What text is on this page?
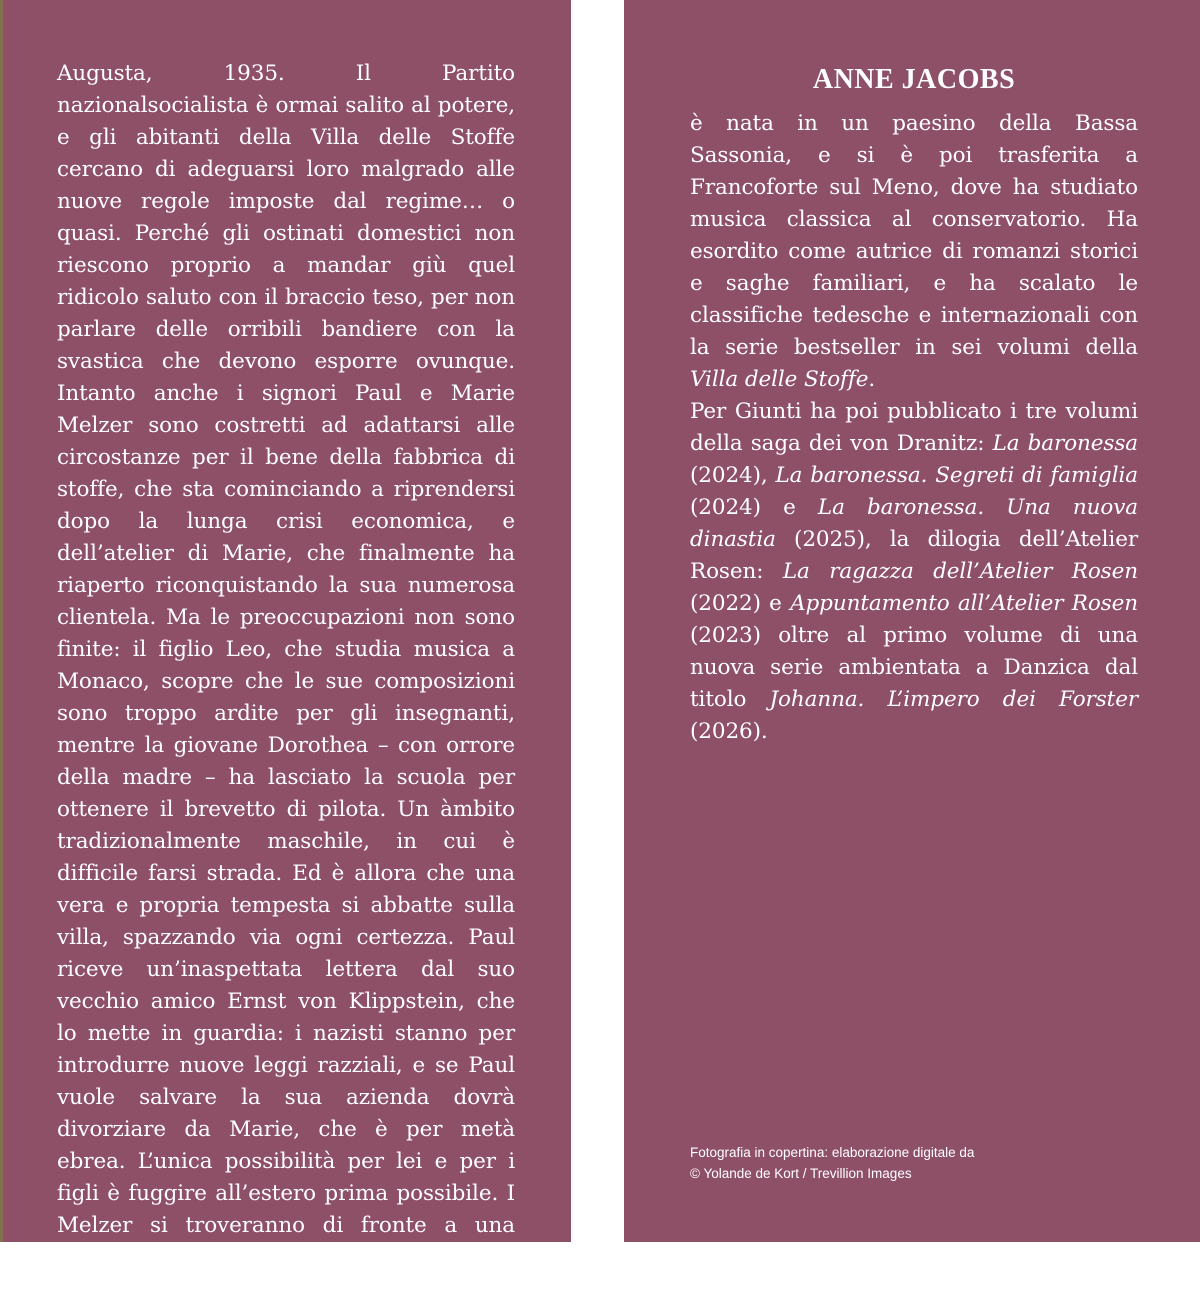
Augusta, 1935. Il Partito nazionalsocialista è ormai salito al potere, e gli abitanti della Villa delle Stoffe cercano di adeguarsi loro malgrado alle nuove regole imposte dal regime… o quasi. Perché gli ostinati domestici non riescono proprio a mandar giù quel ridicolo saluto con il braccio teso, per non parlare delle orribili bandiere con la svastica che devono esporre ovunque. Intanto anche i signori Paul e Marie Melzer sono costretti ad adattarsi alle circostanze per il bene della fabbrica di stoffe, che sta cominciando a riprendersi dopo la lunga crisi economica, e dell’atelier di Marie, che finalmente ha riaperto riconquistando la sua numerosa clientela. Ma le preoccupazioni non sono finite: il figlio Leo, che studia musica a Monaco, scopre che le sue composizioni sono troppo ardite per gli insegnanti, mentre la giovane Dorothea – con orrore della madre – ha lasciato la scuola per ottenere il brevetto di pilota. Un àmbito tradizionalmente maschile, in cui è difficile farsi strada. Ed è allora che una vera e propria tempesta si abbatte sulla villa, spazzando via ogni certezza. Paul riceve un’inaspettata lettera dal suo vecchio amico Ernst von Klippstein, che lo mette in guardia: i nazisti stanno per introdurre nuove leggi razziali, e se Paul vuole salvare la sua azienda dovrà divorziare da Marie, che è per metà ebrea. L’unica possibilità per lei e per i figli è fuggire all’estero prima possibile. I Melzer si troveranno di fronte a una scelta gravosa, che cambierà per sempre le loro vite…

ANNE JACOBS

è nata in un paesino della Bassa Sassonia, e si è poi trasferita a Francoforte sul Meno, dove ha studiato musica classica al conservatorio. Ha esordito come autrice di romanzi storici e saghe familiari, e ha scalato le classifiche tedesche e internazionali con la serie bestseller in sei volumi della Villa delle Stoffe.

Per Giunti ha poi pubblicato i tre volumi della saga dei von Dranitz: La baronessa (2024), La baronessa. Segreti di famiglia (2024) e La baronessa. Una nuova dinastia (2025), la dilogia dell’Atelier Rosen: La ragazza dell’Atelier Rosen (2022) e Appuntamento all’Atelier Rosen (2023) oltre al primo volume di una nuova serie ambientata a Danzica dal titolo Johanna. L’impero dei Forster (2026).

Fotografia in copertina: elaborazione digitale da
© Yolande de Kort / Trevillion Images
